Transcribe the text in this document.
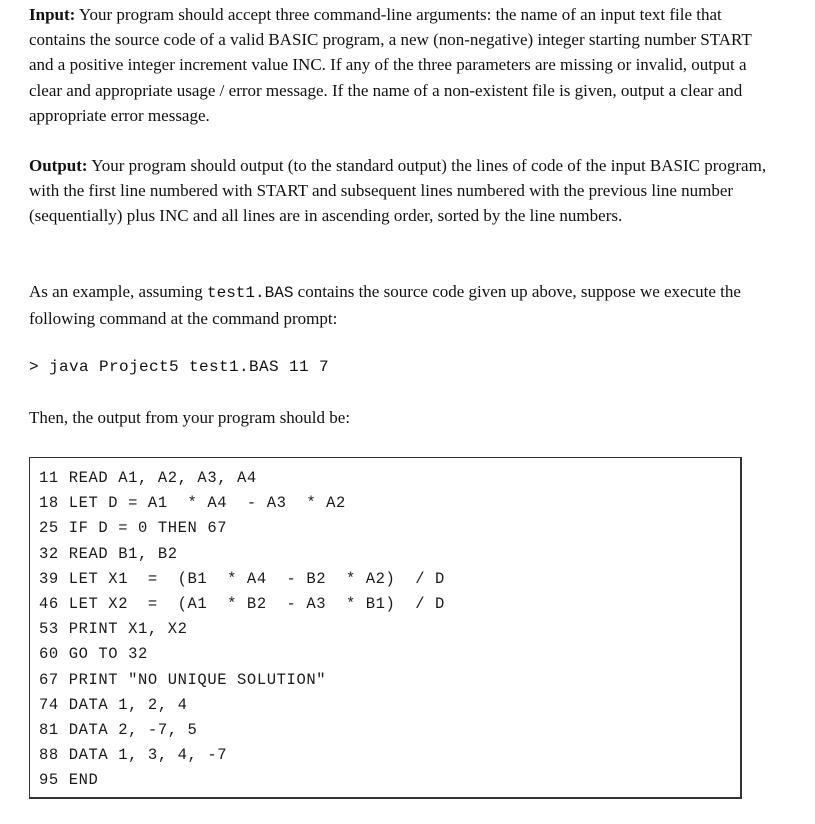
Input: Your program should accept three command-line arguments: the name of an input text file that contains the source code of a valid BASIC program, a new (non-negative) integer starting number START and a positive integer increment value INC. If any of the three parameters are missing or invalid, output a clear and appropriate usage / error message. If the name of a non-existent file is given, output a clear and appropriate error message.

Output: Your program should output (to the standard output) the lines of code of the input BASIC program, with the first line numbered with START and subsequent lines numbered with the previous line number (sequentially) plus INC and all lines are in ascending order, sorted by the line numbers.

As an example, assuming test1.BAS contains the source code given up above, suppose we execute the following command at the command prompt:

> java Project5 test1.BAS 11 7

Then, the output from your program should be:

11 READ A1, A2, A3, A4
18 LET D = A1  * A4  - A3  * A2
25 IF D = 0 THEN 67
32 READ B1, B2
39 LET X1  =  (B1  * A4  - B2  * A2)  / D
46 LET X2  =  (A1  * B2  - A3  * B1)  / D
53 PRINT X1, X2
60 GO TO 32
67 PRINT "NO UNIQUE SOLUTION"
74 DATA 1, 2, 4
81 DATA 2, -7, 5
88 DATA 1, 3, 4, -7
95 END
